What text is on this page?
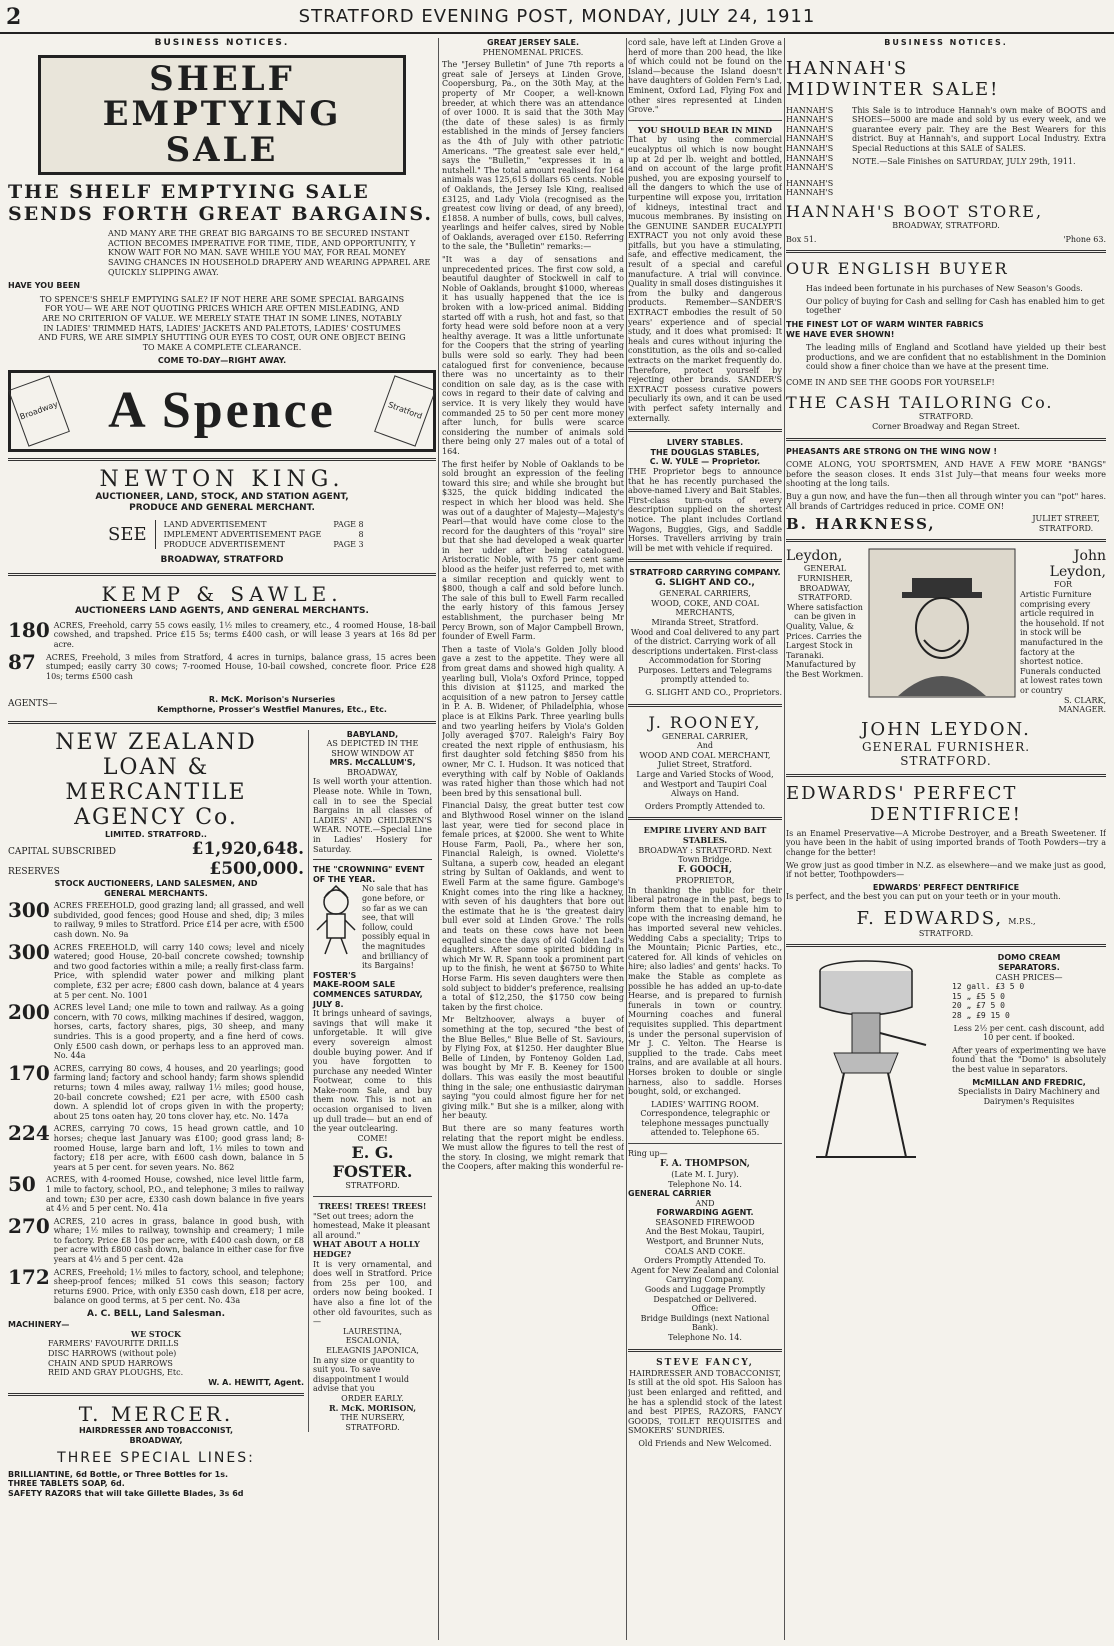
2	STRATFORD EVENING POST, MONDAY, JULY 24, 1911
BUSINESS NOTICES.
SHELF EMPTYING SALE
THE SHELF EMPTYING SALE
SENDS FORTH GREAT BARGAINS.
AND MANY ARE THE GREAT BIG BARGAINS TO BE SECURED INSTANT ACTION BECOMES IMPERATIVE FOR TIME, TIDE, AND OPPORTUNITY, Y KNOW WAIT FOR NO MAN. SAVE WHILE YOU MAY, FOR REAL MONEY SAVING CHANCES IN HOUSEHOLD DRAPERY AND WEARING APPAREL ARE QUICKLY SLIPPING AWAY.
HAVE YOU BEEN
TO SPENCE'S SHELF EMPTYING SALE? IF NOT HERE ARE SOME SPECIAL BARGAINS FOR YOU— WE ARE NOT QUOTING PRICES WHICH ARE OFTEN MISLEADING, AND ARE NO CRITERION OF VALUE. WE MERELY STATE THAT IN SOME LINES, NOTABLY IN LADIES' TRIMMED HATS, LADIES' JACKETS AND PALETOTS, LADIES' COSTUMES AND FURS, WE ARE SIMPLY SHUTTING OUR EYES TO COST, OUR ONE OBJECT BEING TO MAKE A COMPLETE CLEARANCE.
COME TO-DAY—RIGHT AWAY.
Broadway A Spence	Stratford
NEWTON KING.
AUCTIONEER, LAND, STOCK, AND STATION AGENT,
PRODUCE AND GENERAL MERCHANT.
SEE LAND ADVERTISEMENT	PAGE 8
IMPLEMENT ADVERTISEMENT PAGE	8
PRODUCE ADVERTISEMENT	PAGE 3
BROADWAY, STRATFORD
KEMP & SAWLE.
AUCTIONEERS LAND AGENTS, AND GENERAL MERCHANTS.
180 ACRES, Freehold, carry 55 cows easily, 1½ miles to creamery, etc., 4 roomed House, 18-bail cowshed, and trapshed. Price £15 5s; terms £400 cash, or will lease 3 years at 16s 8d per acre.
87	ACRES, Freehold, 3 miles from Stratford, 4 acres in turnips, balance grass, 15 acres been stumped; easily carry 30 cows; 7-roomed House, 10-bail cowshed, concrete floor. Price £28 10s; terms £500 cash
AGENTS—	R. McK. Morison's Nurseries
Kempthorne, Prosser's Westfiel Manures, Etc., Etc.
NEW ZEALAND
LOAN & MERCANTILE
AGENCY Co.
LIMITED. STRATFORD..
CAPITAL SUBSCRIBED	£1,920,648.
RESERVES	£500,000.
STOCK AUCTIONEERS, LAND SALESMEN, AND
GENERAL MERCHANTS.
300 ACRES FREEHOLD, good grazing land; all grassed, and well subdivided, good fences; good House and shed, dip; 3 miles to railway, 9 miles to Stratford. Price £14 per acre, with £500 cash down. No. 9a
300 ACRES FREEHOLD, will carry 140 cows; level and nicely watered; good House, 20-bail concrete cowshed; township and two good factories within a mile; a really first-class farm. Price, with splendid water power and milking plant complete, £32 per acre; £800 cash down, balance at 4 years at 5 per cent. No. 1001
200 ACRES level Land; one mile to town and railway. As a going concern, with 70 cows, milking machines if desired, waggon, horses, carts, factory shares, pigs, 30 sheep, and many sundries. This is a good property, and a fine herd of cows. Only £500 cash down, or perhaps less to an approved man. No. 44a
170 ACRES, carrying 80 cows, 4 houses, and 20 yearlings; good farming land; factory and school handy; farm shows splendid returns; town 4 miles away, railway 1½ miles; good house, 20-bail concrete cowshed; £21 per acre, with £500 cash down. A splendid lot of crops given in with the property; about 25 tons oaten hay, 20 tons clover hay, etc. No. 147a
224 ACRES, carrying 70 cows, 15 head grown cattle, and 10 horses; cheque last January was £100; good grass land; 8-roomed House, large barn and loft, 1½ miles to town and factory; £18 per acre, with £600 cash down, balance in 5 years at 5 per cent. for seven years. No. 862
50	ACRES, with 4-roomed House, cowshed, nice level little farm, 1 mile to factory, school, P.O., and telephone; 3 miles to railway and town; £30 per acre, £330 cash down balance in five years at 4½ and 5 per cent. No. 41a
270 ACRES, 210 acres in grass, balance in good bush, with whare; 1½ miles to railway, township and creamery; 1 mile to factory. Price £8 10s per acre, with £400 cash down, or £8 per acre with £800 cash down, balance in either case for five years at 4½ and 5 per cent. 42a
172 ACRES, Freehold; 1½ miles to factory, school, and telephone; sheep-proof fences; milked 51 cows this season; factory returns £900. Price, with only £350 cash down, £18 per acre, balance on good terms, at 5 per cent. No. 43a
A. C. BELL, Land Salesman.
MACHINERY—
WE STOCK
FARMERS' FAVOURITE DRILLS
DISC HARROWS (without pole)
CHAIN AND SPUD HARROWS
REID AND GRAY PLOUGHS, Etc.
W. A. HEWITT, Agent.
T. MERCER.
HAIRDRESSER AND TOBACCONIST,
BROADWAY,
THREE SPECIAL LINES:
BRILLIANTINE, 6d Bottle, or Three Bottles for 1s.
THREE TABLETS SOAP, 6d.
SAFETY RAZORS that will take Gillette Blades, 3s 6d
BABYLAND,
AS DEPICTED IN THE SHOW WINDOW AT
MRS. McCALLUM'S,
BROADWAY,
Is well worth your attention. Please note. While in Town, call in to see the Special Bargains in all classes of LADIES' AND CHILDREN'S WEAR. NOTE.—Special Line in Ladies' Hosiery for Saturday.
THE "CROWNING" EVENT OF THE YEAR.
No sale that has gone before, or so far as we can see, that will follow, could possibly equal in the magnitudes and brilliancy of its Bargains!
FOSTER'S
MAKE-ROOM SALE
COMMENCES SATURDAY, JULY 8.
It brings unheard of savings, savings that will make it unforgetable. It will give every sovereign almost double buying power. And if you have forgotten to purchase any needed Winter Footwear, come to this Make-room Sale, and buy them now. This is not an occasion organised to liven up dull trade— but an end of the year outclearing.
COME!
E. G. FOSTER.
STRATFORD.
TREES! TREES! TREES!
"Set out trees; adorn the homestead, Make it pleasant all around."
WHAT ABOUT A HOLLY HEDGE?
It is very ornamental, and does well in Stratford. Price from 25s per 100, and orders now being booked. I have also a fine lot of the other old favourites, such as—
LAURESTINA,
ESCALONIA,
ELEAGNIS JAPONICA,
In any size or quantity to suit you. To save disappointment I would advise that you
ORDER EARLY.
R. McK. MORISON,
THE NURSERY, STRATFORD.
GREAT JERSEY SALE.
PHENOMENAL PRICES.

The "Jersey Bulletin" of June 7th reports a great sale of Jerseys at Linden Grove, Coopersburg, Pa., on the 30th May, at the property of Mr Cooper, a well-known breeder, at which there was an attendance of over 1000. It is said that the 30th May (the date of these sales) is as firmly established in the minds of Jersey fanciers as the 4th of July with other patriotic Americans. "The greatest sale ever held," says the "Bulletin," "expresses it in a nutshell." The total amount realised for 164 animals was 125,615 dollars 65 cents. Noble of Oaklands, the Jersey Isle King, realised £3125, and Lady Viola (recognised as the greatest cow living or dead, of any breed), £1858. A number of bulls, cows, bull calves, yearlings and heifer calves, sired by Noble of Oaklands, averaged over £150. Referring to the sale, the "Bulletin" remarks:—

"It was a day of sensations and unprecedented prices. The first cow sold, a beautiful daughter of Stockwell in calf to Noble of Oaklands, brought $1000, whereas it has usually happened that the ice is broken with a low-priced animal. Bidding started off with a rush, hot and fast, so that forty head were sold before noon at a very healthy average. It was a little unfortunate for the Coopers that the string of yearling bulls were sold so early. They had been catalogued first for convenience, because there was no uncertainty as to their condition on sale day, as is the case with cows in regard to their date of calving and service. It is very likely they would have commanded 25 to 50 per cent more money after lunch, for bulls were scarce considering the number of animals sold there being only 27 males out of a total of 164.

The first heifer by Noble of Oaklands to be sold brought an expression of the feeling toward this sire; and while she brought but $325, the quick bidding indicated the respect in which her blood was held. She was out of a daughter of Majesty—Majesty's Pearl—that would have come close to the record for the daughters of this "royal" sire but that she had developed a weak quarter in her udder after being catalogued. Aristocratic Noble, with 75 per cent same blood as the heifer just referred to, met with a similar reception and quickly went to $800, though a calf and sold before lunch. The sale of this bull to Ewell Farm recalled the early history of this famous Jersey establishment, the purchaser being Mr Percy Brown, son of Major Campbell Brown, founder of Ewell Farm.

Then a taste of Viola's Golden Jolly blood gave a zest to the appetite. They were all from great dams and showed high quality. A yearling bull, Viola's Oxford Prince, topped this division at $1125, and marked the acquisition of a new patron to Jersey cattle in P. A. B. Widener, of Philadelphia, whose place is at Elkins Park. Three yearling bulls and two yearling heifers by Viola's Golden Jolly averaged $707. Raleigh's Fairy Boy created the next ripple of enthusiasm, his first daughter sold fetching $850 from his owner, Mr C. I. Hudson. It was noticed that everything with calf by Noble of Oaklands was rated higher than those which had not been bred by this sensational bull.

Financial Daisy, the great butter test cow and Blythwood Rosel winner on the island last year, were tied for second place in female prices, at $2000. She went to White House Farm, Paoli, Pa., where her son, Financial Raleigh, is owned. Violette's Sultana, a superb cow, headed an elegant string by Sultan of Oaklands, and went to Ewell Farm at the same figure. Gamboge's Knight comes into the ring like a hackney, with seven of his daughters that bore out the estimate that he is 'the greatest dairy bull ever sold at Linden Grove.' The rolls and teats on these cows have not been equalled since the days of old Golden Lad's daughters. After some spirited bidding in which Mr W. R. Spann took a prominent part up to the finish, he went at $6750 to White Horse Farm. His seven daughters were then sold subject to bidder's preference, realising a total of $12,250, the $1750 cow being taken by the first choice.

Mr Beltzhoover, always a buyer of something at the top, secured "the best of the Blue Belles," Blue Belle of St. Saviours, by Flying Fox, at $1250. Her daughter Blue Belle of Linden, by Fontenoy Golden Lad, was bought by Mr F. B. Keeney for 1500 dollars. This was easily the most beautiful thing in the sale; one enthusiastic dairyman saying "you could almost figure her for net giving milk." But she is a milker, along with her beauty.

But there are so many features worth relating that the report might be endless. We must allow the figures to tell the rest of the story. In closing, we might remark that the Coopers, after making this wonderful re-

cord sale, have left at Linden Grove a herd of more than 200 head, the like of which could not be found on the Island—because the Island doesn't have daughters of Golden Fern's Lad, Eminent, Oxford Lad, Flying Fox and other sires represented at Linden Grove."

YOU SHOULD BEAR IN MIND

That by using the commercial eucalyptus oil which is now bought up at 2d per lb. weight and bottled, and on account of the large profit pushed, you are exposing yourself to all the dangers to which the use of turpentine will expose you, irritation of kidneys, intestinal tract and mucous membranes. By insisting on the GENUINE SANDER EUCALYPTI EXTRACT you not only avoid these pitfalls, but you have a stimulating, safe, and effective medicament, the result of a special and careful manufacture. A trial will convince. Quality in small doses distinguishes it from the bulky and dangerous products. Remember—SANDER'S EXTRACT embodies the result of 50 years' experience and of special study, and it does what promised: It heals and cures without injuring the constitution, as the oils and so-called extracts on the market frequently do. Therefore, protect yourself by rejecting other brands. SANDER'S EXTRACT possess curative powers peculiarly its own, and it can be used with perfect safety internally and externally.

LIVERY STABLES.
THE DOUGLAS STABLES,
C. W. YULE — Proprietor.

THE Proprietor begs to announce that he has recently purchased the above-named Livery and Bait Stables. First-class turn-outs of every description supplied on the shortest notice. The plant includes Cortland Wagons, Buggies, Gigs, and Saddle Horses. Travellers arriving by train will be met with vehicle if required.

STRATFORD CARRYING COMPANY.
G. SLIGHT AND CO.,
GENERAL CARRIERS,
WOOD, COKE, AND COAL MERCHANTS,
Miranda Street, Stratford.

Wood and Coal delivered to any part of the district. Carrying work of all descriptions undertaken. First-class Accommodation for Storing Purposes. Letters and Telegrams promptly attended to.

G. SLIGHT AND CO., Proprietors.
J. ROONEY,
GENERAL CARRIER,
And
WOOD AND COAL MERCHANT,
Juliet Street, Stratford.

Large and Varied Stocks of Wood, and Westport and Taupiri Coal Always on Hand.

Orders Promptly Attended to.
EMPIRE LIVERY AND BAIT STABLES.
BROADWAY : STRATFORD. Next Town Bridge.
F. GOOCH,
PROPRIETOR,

In thanking the public for their liberal patronage in the past, begs to inform them that to enable him to cope with the increasing demand, he has imported several new vehicles. Wedding Cabs a speciality; Trips to the Mountain; Picnic Parties, etc., catered for. All kinds of vehicles on hire; also ladies' and gents' hacks. To make the Stable as complete as possible he has added an up-to-date Hearse, and is prepared to furnish funerals in town or country. Mourning coaches and funeral requisites supplied. This department is under the personal supervision of Mr J. C. Yelton. The Hearse is supplied to the trade. Cabs meet trains, and are available at all hours. Horses broken to double or single harness, also to saddle. Horses bought, sold, or exchanged.

LADIES' WAITING ROOM.

Correspondence, telegraphic or telephone messages punctually attended to. Telephone 65.

Ring up—
F. A. THOMPSON,
(Late M. I. Jury).
Telephone No. 14.
GENERAL CARRIER
AND
FORWARDING AGENT.
SEASONED FIREWOOD
And the Best Mokau, Taupiri, Westport, and Brunner Nuts,
COALS AND COKE.
Orders Promptly Attended To.
Agent for New Zealand and Colonial Carrying Company.
Goods and Luggage Promptly Despatched or Delivered.
Office:
Bridge Buildings (next National Bank).
Telephone No. 14.
STEVE FANCY,
HAIRDRESSER AND TOBACCONIST,

Is still at the old spot. His Saloon has just been enlarged and refitted, and he has a splendid stock of the latest and best PIPES, RAZORS, FANCY GOODS, TOILET REQUISITES and SMOKERS' SUNDRIES.

Old Friends and New Welcomed.
BUSINESS NOTICES.
HANNAH'S
MIDWINTER SALE!
HANNAH'S
HANNAH'S
HANNAH'S
HANNAH'S
HANNAH'S
HANNAH'S
HANNAH'S
HANNAH'S
HANNAH'S

This Sale is to introduce Hannah's own make of BOOTS and SHOES—5000 are made and sold by us every week, and we guarantee every pair. They are the Best Wearers for this district. Buy at Hannah's, and support Local Industry. Extra Special Reductions at this SALE of SALES.

NOTE.—Sale Finishes on SATURDAY, JULY 29th, 1911.

HANNAH'S BOOT STORE,
BROADWAY, STRATFORD.
Box 51.	'Phone 63.
OUR ENGLISH BUYER

Has indeed been fortunate in his purchases of New Season's Goods.

Our policy of buying for Cash and selling for Cash has enabled him to get together

THE FINEST LOT OF WARM WINTER FABRICS
WE HAVE EVER SHOWN!

The leading mills of England and Scotland have yielded up their best productions, and we are confident that no establishment in the Dominion could show a finer choice than we have at the present time.

COME IN AND SEE THE GOODS FOR YOURSELF!
THE CASH TAILORING Co.
STRATFORD.
Corner Broadway and Regan Street.
PHEASANTS ARE STRONG ON THE WING NOW !

COME ALONG, YOU SPORTSMEN, AND HAVE A FEW MORE "BANGS" before the season closes. It ends 31st July—that means four weeks more shooting at the long tails.

Buy a gun now, and have the fun—then all through winter you can "pot" hares. All brands of Cartridges reduced in price. COME ON!

B. HARKNESS,	JULIET STREET, STRATFORD.
Leydon,
GENERAL FURNISHER,
BROADWAY,
STRATFORD.
Where satisfaction can be given in
Quality, Value, & Prices. Carries the Largest Stock in Taranaki. Manufactured by the Best Workmen.
John
Leydon,
FOR
Artistic Furniture comprising every article required in the household. If not in stock will be manufactured in the factory at the shortest notice. Funerals conducted at lowest rates town or country
S. CLARK,
MANAGER.
JOHN LEYDON.
GENERAL FURNISHER.
STRATFORD.
EDWARDS' PERFECT
DENTIFRICE!

Is an Enamel Preservative—A Microbe Destroyer, and a Breath Sweetener. If you have been in the habit of using imported brands of Tooth Powders—try a change for the better!

We grow just as good timber in N.Z. as elsewhere—and we make just as good, if not better, Toothpowders—

EDWARDS' PERFECT DENTRIFICE

Is perfect, and the best you can put on your teeth or in your mouth.

F. EDWARDS, M.P.S.,
STRATFORD.
DOMO CREAM
SEPARATORS.
CASH PRICES—
12 gall. £3 5 0
15 „ £5 5 0
20 „ £7 5 0
28 „ £9 15 0

Less 2½ per cent. cash discount, add 10 per cent. if booked.

After years of experimenting we have found that the "Domo" is absolutely the best value in separators.

McMILLAN AND FREDRIC,
Specialists in Dairy Machinery and Dairymen's Requisites
